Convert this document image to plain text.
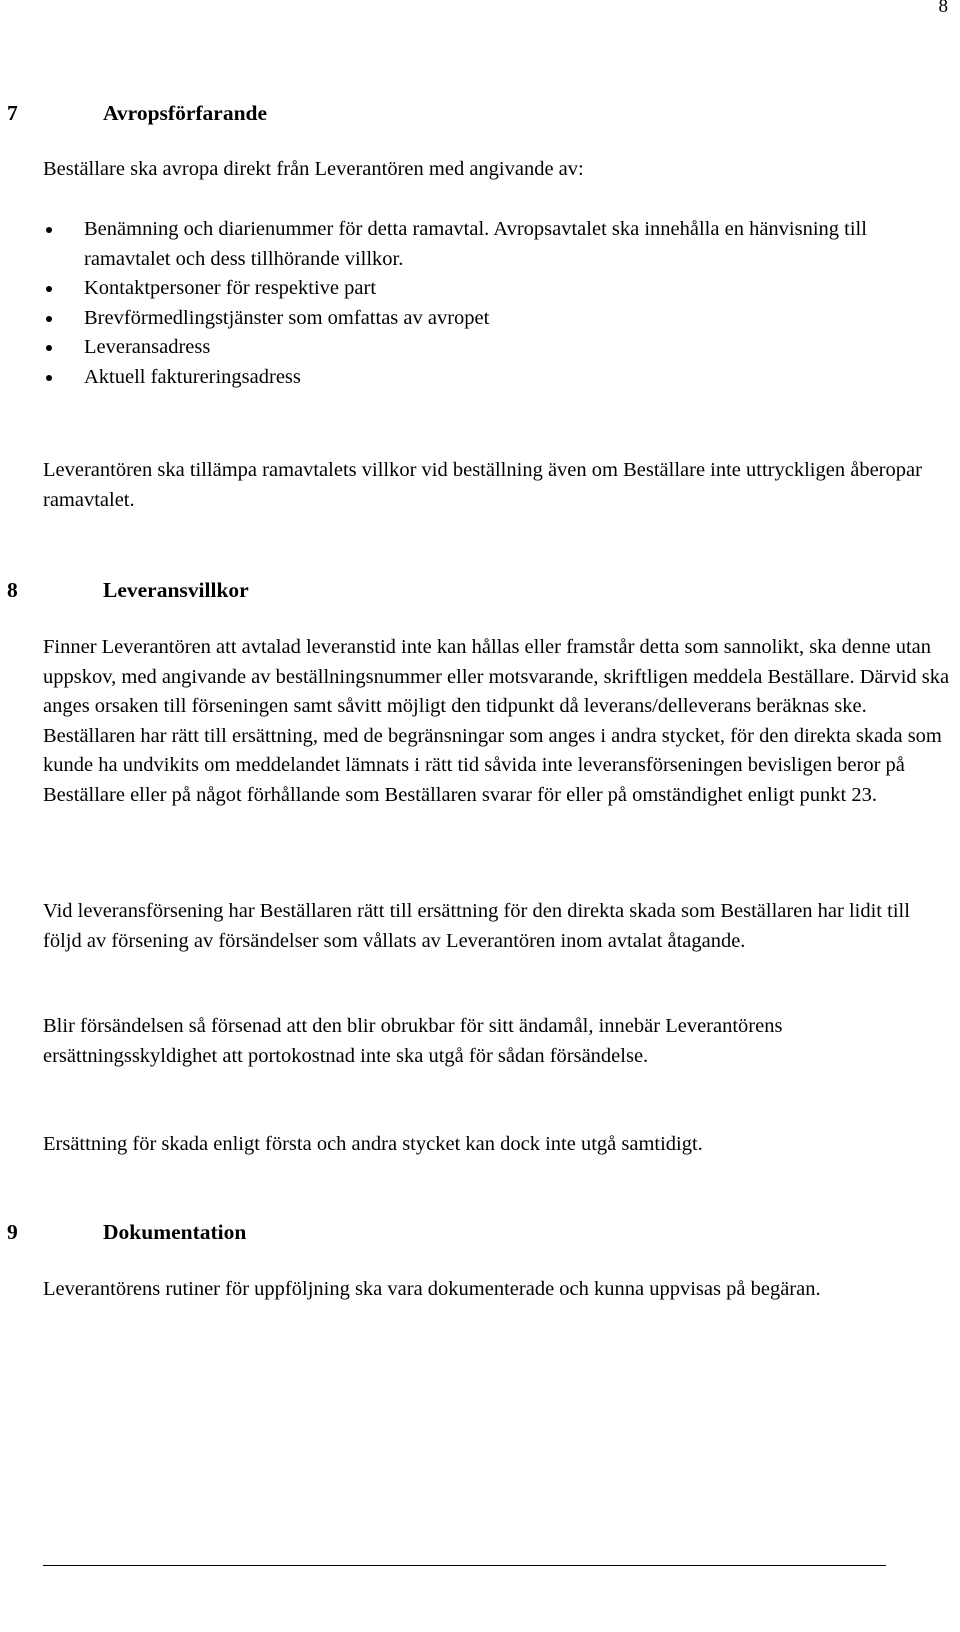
8
7	Avropsförfarande

Beställare ska avropa direkt från Leverantören med angivande av:

Benämning och diarienummer för detta ramavtal. Avropsavtalet ska innehålla en hänvisning till ramavtalet och dess tillhörande villkor.
Kontaktpersoner för respektive part
Brevförmedlingstjänster som omfattas av avropet
Leveransadress
Aktuell faktureringsadress

Leverantören ska tillämpa ramavtalets villkor vid beställning även om Beställare inte uttryckligen åberopar ramavtalet.

8	Leveransvillkor

Finner Leverantören att avtalad leveranstid inte kan hållas eller framstår detta som sannolikt, ska denne utan uppskov, med angivande av beställningsnummer eller motsvarande, skriftligen meddela Beställare. Därvid ska anges orsaken till förseningen samt såvitt möjligt den tidpunkt då leverans/delleverans beräknas ske. Beställaren har rätt till ersättning, med de begränsningar som anges i andra stycket, för den direkta skada som kunde ha undvikits om meddelandet lämnats i rätt tid såvida inte leveransförseningen bevisligen beror på Beställare eller på något förhållande som Beställaren svarar för eller på omständighet enligt punkt 23.

Vid leveransförsening har Beställaren rätt till ersättning för den direkta skada som Beställaren har lidit till följd av försening av försändelser som vållats av Leverantören inom avtalat åtagande.

Blir försändelsen så försenad att den blir obrukbar för sitt ändamål, innebär Leverantörens ersättningsskyldighet att portokostnad inte ska utgå för sådan försändelse.

Ersättning för skada enligt första och andra stycket kan dock inte utgå samtidigt.

9	Dokumentation

Leverantörens rutiner för uppföljning ska vara dokumenterade och kunna uppvisas på begäran.
